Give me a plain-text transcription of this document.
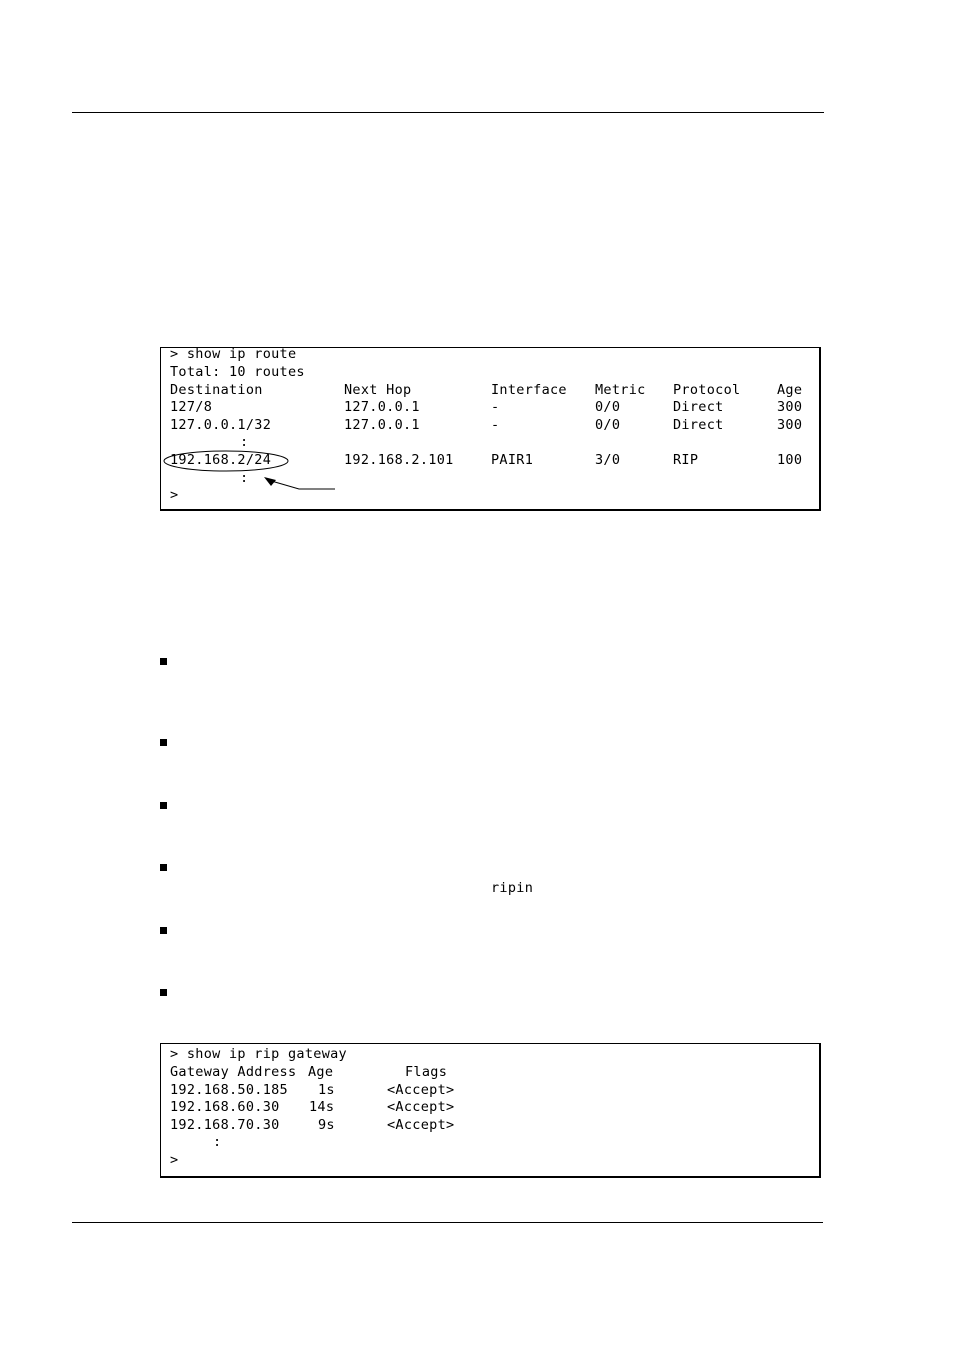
> show ip route
Total: 10 routes
Destination	Next Hop	Interface Metric Protocol	Age
127/8	127.0.0.1	-	0/0	Direct	300
127.0.0.1/32	127.0.0.1	-	0/0	Direct	300
:
192.168.2/24	192.168.2.101	PAIR1	3/0	RIP	100
:
>
ripin
> show ip rip gateway
Gateway Address Age	Flags
192.168.50.185 1s	<Accept>
192.168.60.30 14s	<Accept>
192.168.70.30	9s	<Accept>
:
>
